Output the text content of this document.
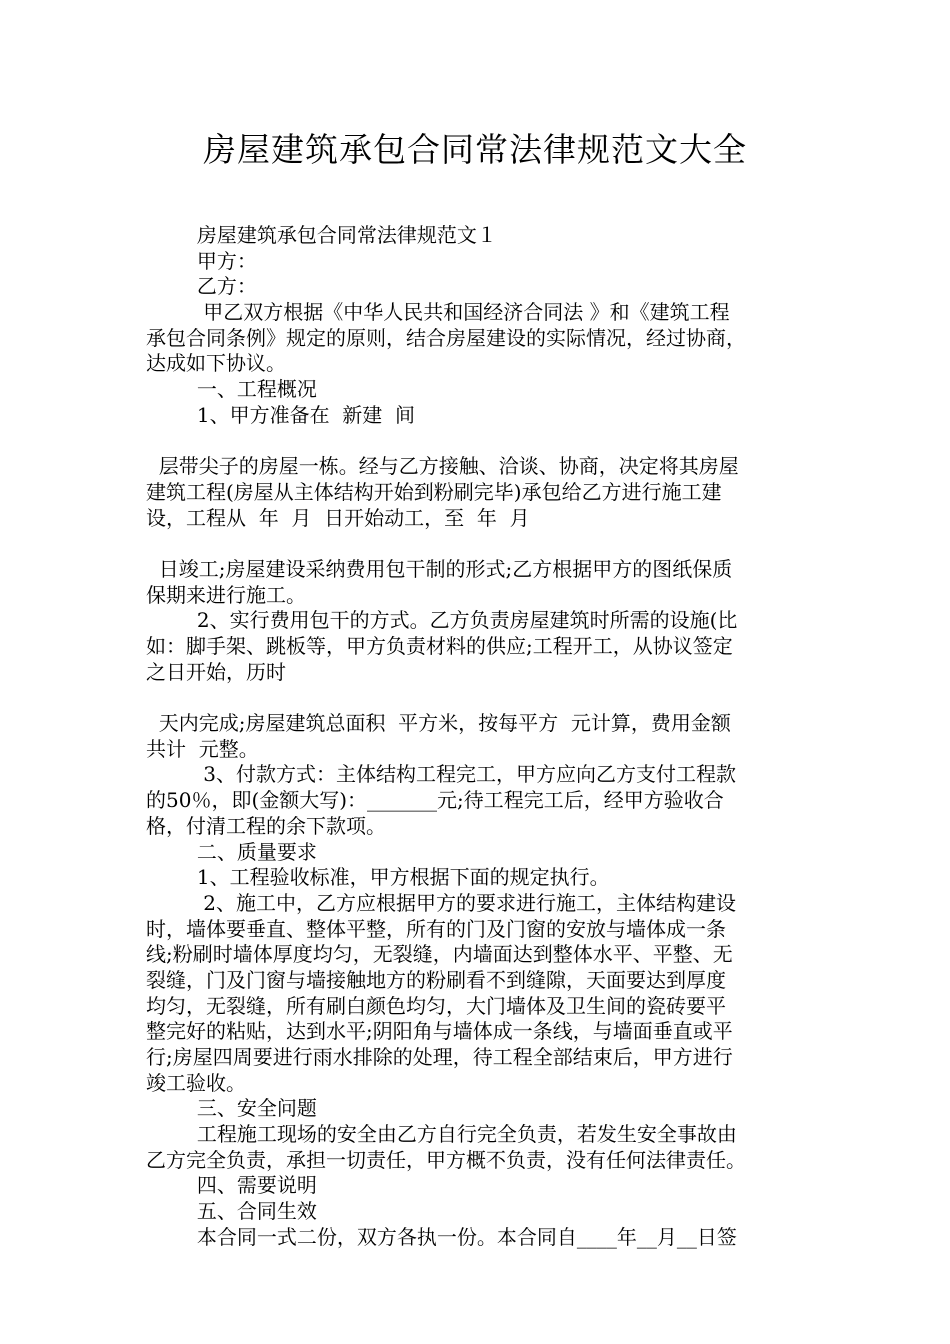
房屋建筑承包合同常法律规范文大全
房屋建筑承包合同常法律规范文１
甲方：
乙方：
甲乙双方根据《中华人民共和国经济合同法 》和《建筑工程
承包合同条例》规定的原则，结合房屋建设的实际情况，经过协商，
达成如下协议。
一、工程概况
1、甲方准备在  新建  间
层带尖子的房屋一栋。经与乙方接触、洽谈、协商，决定将其房屋
建筑工程(房屋从主体结构开始到粉刷完毕)承包给乙方进行施工建
设，工程从  年  月  日开始动工，至  年  月
日竣工;房屋建设采纳费用包干制的形式;乙方根据甲方的图纸保质
保期来进行施工。
2、实行费用包干的方式。乙方负责房屋建筑时所需的设施(比
如：脚手架、跳板等，甲方负责材料的供应;工程开工，从协议签定
之日开始，历时
天内完成;房屋建筑总面积  平方米，按每平方  元计算，费用金额
共计  元整。
3、付款方式：主体结构工程完工，甲方应向乙方支付工程款
的50％，即(金额大写)：_______元;待工程完工后，经甲方验收合
格，付清工程的余下款项。
二、质量要求
1、工程验收标准，甲方根据下面的规定执行。
2、施工中，乙方应根据甲方的要求进行施工，主体结构建设
时，墙体要垂直、整体平整，所有的门及门窗的安放与墙体成一条
线;粉刷时墙体厚度均匀，无裂缝，内墙面达到整体水平、平整、无
裂缝，门及门窗与墙接触地方的粉刷看不到缝隙，天面要达到厚度
均匀，无裂缝，所有刷白颜色均匀，大门墙体及卫生间的瓷砖要平
整完好的粘贴，达到水平;阴阳角与墙体成一条线，与墙面垂直或平
行;房屋四周要进行雨水排除的处理，待工程全部结束后，甲方进行
竣工验收。
三、安全问题
工程施工现场的安全由乙方自行完全负责，若发生安全事故由
乙方完全负责，承担一切责任，甲方概不负责，没有任何法律责任。
四、需要说明
五、合同生效
本合同一式二份，双方各执一份。本合同自____年__月__日签
